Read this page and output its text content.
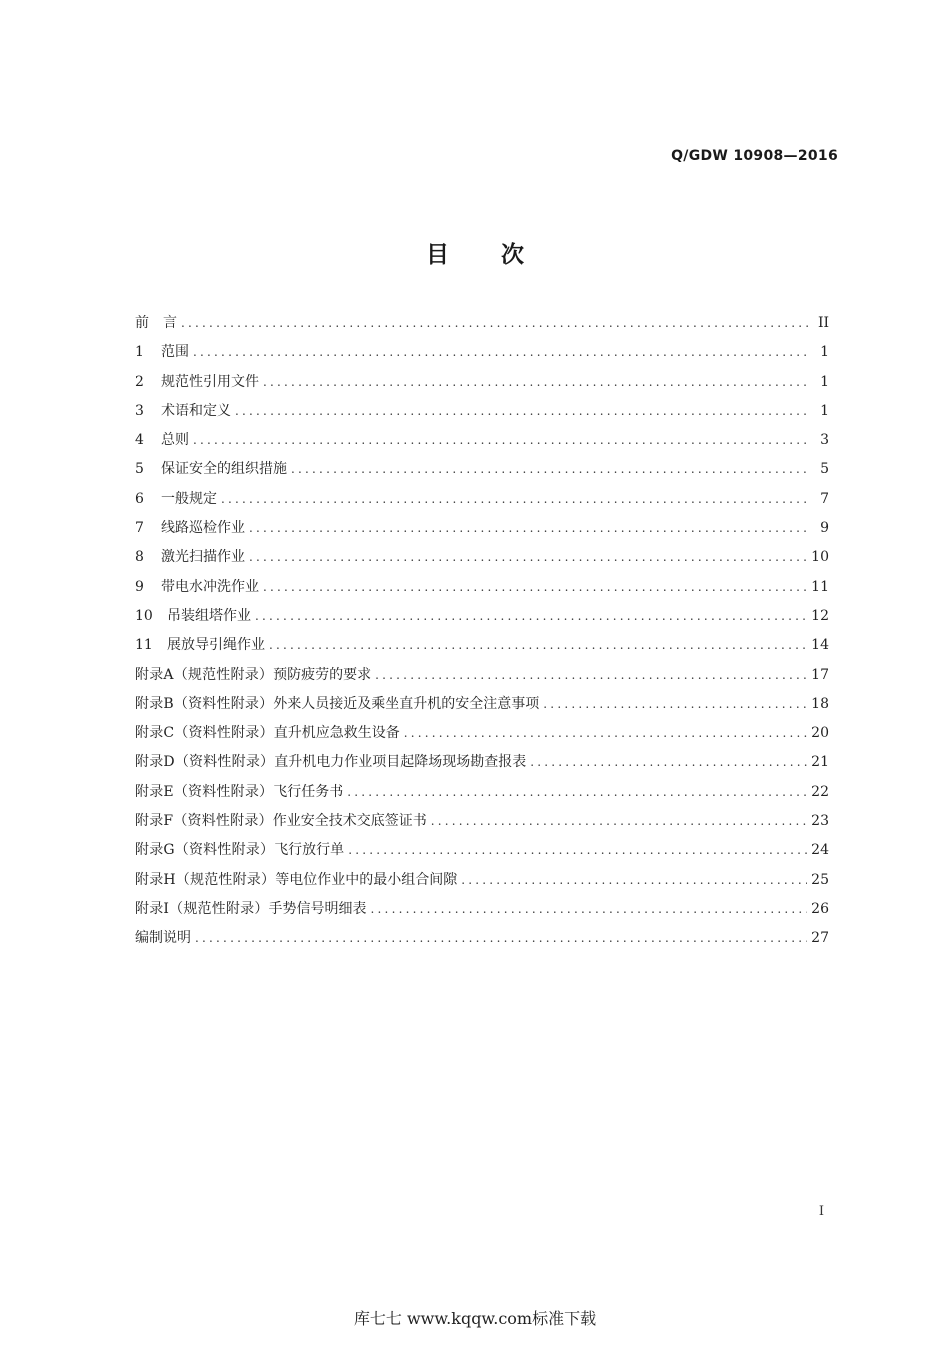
Q/GDW 10908—2016
目 次
前　言 .....	II
1	范围 .....	1
2	规范性引用文件 .....	1
3	术语和定义 .....	1
4	总则 .....	3
5	保证安全的组织措施 .....	5
6	一般规定 .....	7
7	线路巡检作业 .....	9
8	激光扫描作业 .....	10
9	带电水冲洗作业 .....	11
10	吊装组塔作业 .....	12
11	展放导引绳作业 .....	14
附录A（规范性附录） 预防疲劳的要求 .....	17
附录B（资料性附录） 外来人员接近及乘坐直升机的安全注意事项 .....	18
附录C（资料性附录） 直升机应急救生设备 .....	20
附录D（资料性附录） 直升机电力作业项目起降场现场勘查报表 .....	21
附录E（资料性附录） 飞行任务书 .....	22
附录F（资料性附录） 作业安全技术交底签证书 .....	23
附录G（资料性附录） 飞行放行单 .....	24
附录H（规范性附录） 等电位作业中的最小组合间隙 .....	25
附录I（规范性附录） 手势信号明细表 .....	26
编制说明 .....	27
I
库七七 www.kqqw.com标准下载
